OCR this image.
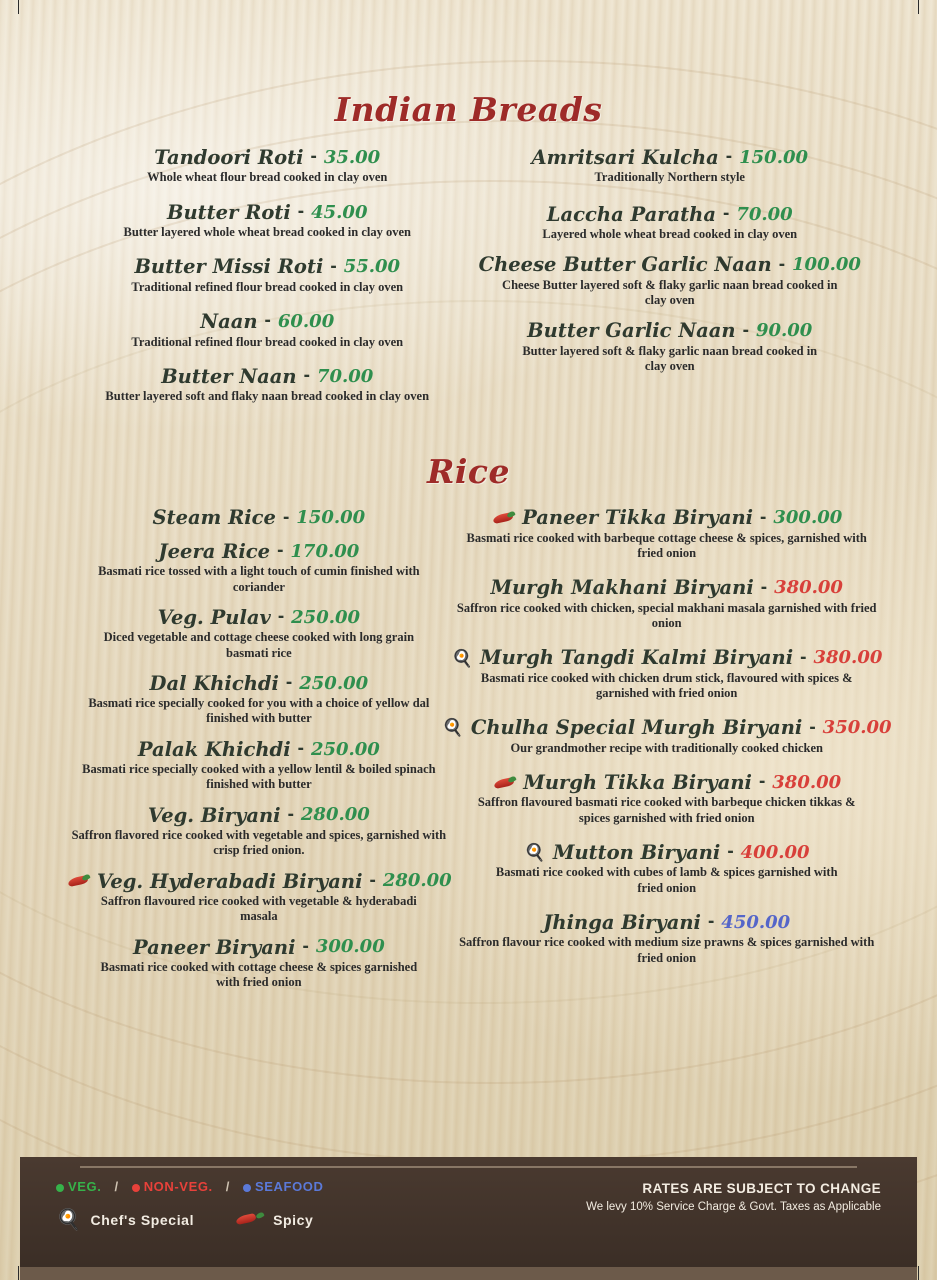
Indian Breads
Tandoori Roti - 35.00
Whole wheat flour bread cooked in clay oven
Butter Roti - 45.00
Butter layered whole wheat bread cooked in clay oven
Butter Missi Roti - 55.00
Traditional refined flour bread cooked in clay oven
Naan - 60.00
Traditional refined flour bread cooked in clay oven
Butter Naan - 70.00
Butter layered soft and flaky naan bread cooked in clay oven
Amritsari Kulcha - 150.00
Traditionally Northern style
Laccha Paratha - 70.00
Layered whole wheat bread cooked in clay oven
Cheese Butter Garlic Naan - 100.00
Cheese Butter layered soft & flaky garlic naan bread cooked in clay oven
Butter Garlic Naan - 90.00
Butter layered soft & flaky garlic naan bread cooked in clay oven
Rice
Steam Rice - 150.00
Jeera Rice - 170.00
Basmati rice tossed with a light touch of cumin finished with coriander
Veg. Pulav - 250.00
Diced vegetable and cottage cheese cooked with long grain basmati rice
Dal Khichdi - 250.00
Basmati rice specially cooked for you with a choice of yellow dal finished with butter
Palak Khichdi - 250.00
Basmati rice specially cooked with a yellow lentil & boiled spinach finished with butter
Veg. Biryani - 280.00
Saffron flavored rice cooked with vegetable and spices, garnished with crisp fried onion.
Veg. Hyderabadi Biryani - 280.00
Saffron flavoured rice cooked with vegetable & hyderabadi masala
Paneer Biryani - 300.00
Basmati rice cooked with cottage cheese & spices garnished with fried onion
Paneer Tikka Biryani - 300.00
Basmati rice cooked with barbeque cottage cheese & spices, garnished with fried onion
Murgh Makhani Biryani - 380.00
Saffron rice cooked with chicken, special makhani masala garnished with fried onion
🍳 Murgh Tangdi Kalmi Biryani - 380.00
Basmati rice cooked with chicken drum stick, flavoured with spices & garnished with fried onion
🍳 Chulha Special Murgh Biryani - 350.00
Our grandmother recipe with traditionally cooked chicken
Murgh Tikka Biryani - 380.00
Saffron flavoured basmati rice cooked with barbeque chicken tikkas & spices garnished with fried onion
🍳 Mutton Biryani - 400.00
Basmati rice cooked with cubes of lamb & spices garnished with fried onion
Jhinga Biryani - 450.00
Saffron flavour rice cooked with medium size prawns & spices garnished with fried onion
VEG. /	NON-VEG. /	SEAFOOD
🍳 Chef's Special	Spicy
RATES ARE SUBJECT TO CHANGE
We levy 10% Service Charge & Govt. Taxes as Applicable
